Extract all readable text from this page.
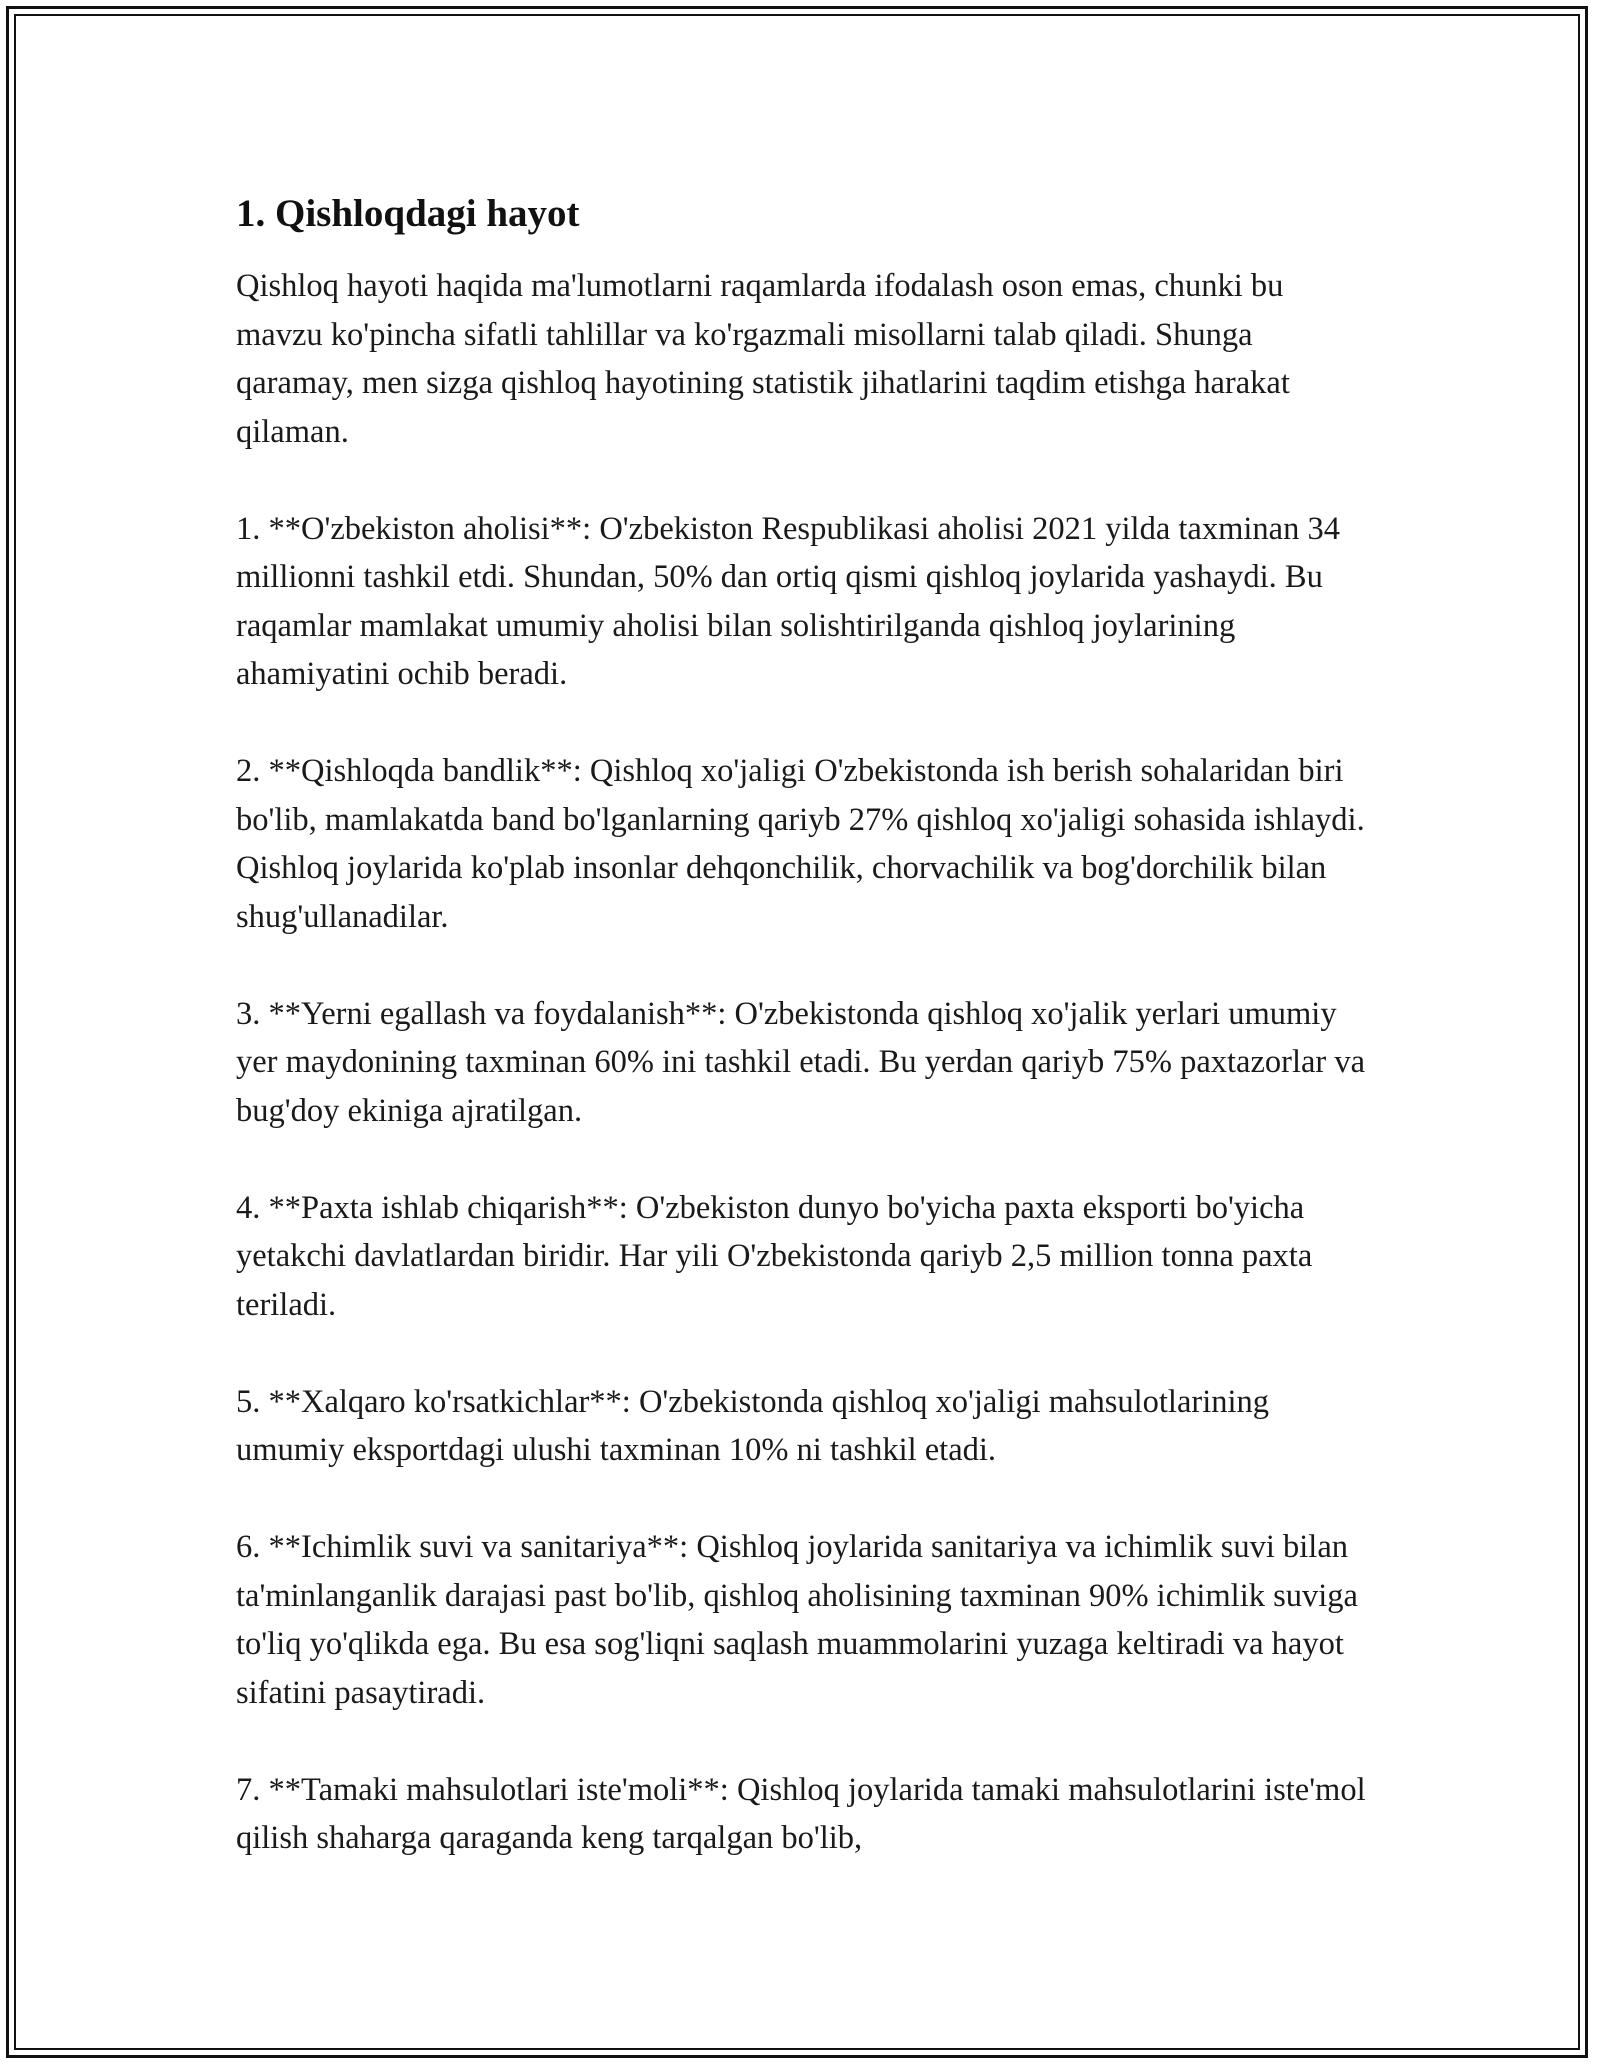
1. Qishloqdagi hayot

Qishloq hayoti haqida ma'lumotlarni raqamlarda ifodalash oson emas, chunki bu mavzu ko'pincha sifatli tahlillar va ko'rgazmali misollarni talab qiladi. Shunga qaramay, men sizga qishloq hayotining statistik jihatlarini taqdim etishga harakat qilaman.

1. **O'zbekiston aholisi**: O'zbekiston Respublikasi aholisi 2021 yilda taxminan 34 millionni tashkil etdi. Shundan, 50% dan ortiq qismi qishloq joylarida yashaydi. Bu raqamlar mamlakat umumiy aholisi bilan solishtirilganda qishloq joylarining ahamiyatini ochib beradi.

2. **Qishloqda bandlik**: Qishloq xo'jaligi O'zbekistonda ish berish sohalaridan biri bo'lib, mamlakatda band bo'lganlarning qariyb 27% qishloq xo'jaligi sohasida ishlaydi. Qishloq joylarida ko'plab insonlar dehqonchilik, chorvachilik va bog'dorchilik bilan shug'ullanadilar.

3. **Yerni egallash va foydalanish**: O'zbekistonda qishloq xo'jalik yerlari umumiy yer maydonining taxminan 60% ini tashkil etadi. Bu yerdan qariyb 75% paxtazorlar va bug'doy ekiniga ajratilgan.

4. **Paxta ishlab chiqarish**: O'zbekiston dunyo bo'yicha paxta eksporti bo'yicha yetakchi davlatlardan biridir. Har yili O'zbekistonda qariyb 2,5 million tonna paxta teriladi.

5. **Xalqaro ko'rsatkichlar**: O'zbekistonda qishloq xo'jaligi mahsulotlarining umumiy eksportdagi ulushi taxminan 10% ni tashkil etadi.

6. **Ichimlik suvi va sanitariya**: Qishloq joylarida sanitariya va ichimlik suvi bilan ta'minlanganlik darajasi past bo'lib, qishloq aholisining taxminan 90% ichimlik suviga to'liq yo'qlikda ega. Bu esa sog'liqni saqlash muammolarini yuzaga keltiradi va hayot sifatini pasaytiradi.

7. **Tamaki mahsulotlari iste'moli**: Qishloq joylarida tamaki mahsulotlarini iste'mol qilish shaharga qaraganda keng tarqalgan bo'lib,
